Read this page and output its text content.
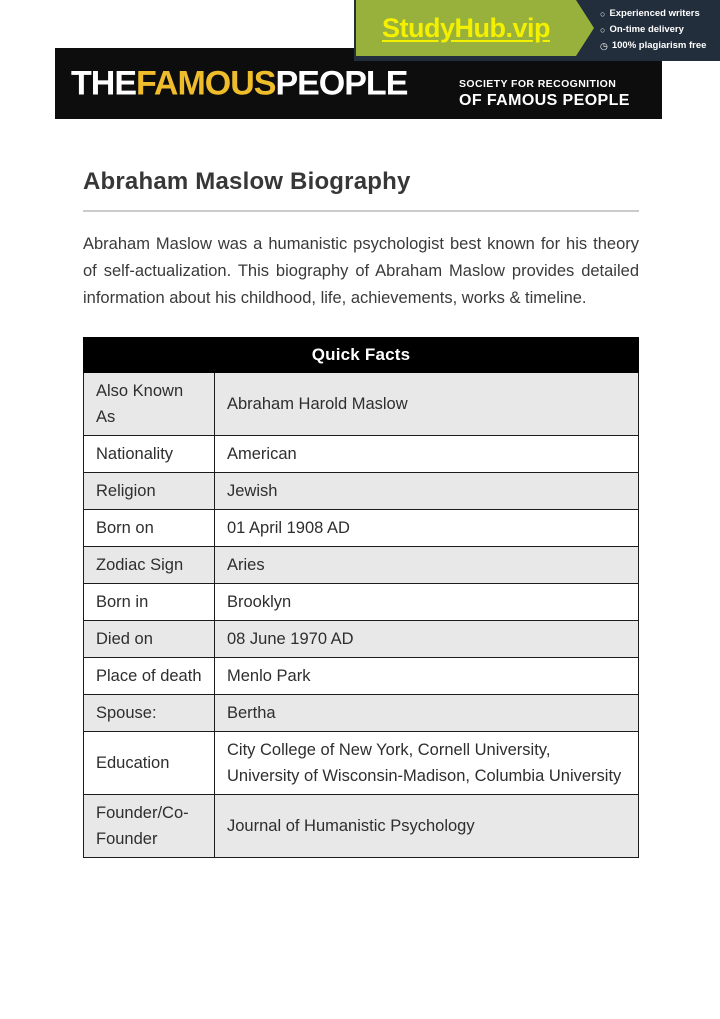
StudyHub.vip	○ Experienced writers
○ On-time delivery
◷ 100% plagiarism free
THEFAMOUSPEOPLE	SOCIETY FOR RECOGNITION
OF FAMOUS PEOPLE
Abraham Maslow Biography

Abraham Maslow was a humanistic psychologist best known for his theory of self-actualization. This biography of Abraham Maslow provides detailed information about his childhood, life, achievements, works & timeline.

Quick Facts	
Also Known As	Abraham Harold Maslow
Nationality	American
Religion	Jewish
Born on	01 April 1908 AD
Zodiac Sign	Aries
Born in	Brooklyn
Died on	08 June 1970 AD
Place of death	Menlo Park
Spouse:	Bertha
Education	City College of New York, Cornell University, University of Wisconsin-Madison, Columbia University
Founder/Co-Founder	Journal of Humanistic Psychology
